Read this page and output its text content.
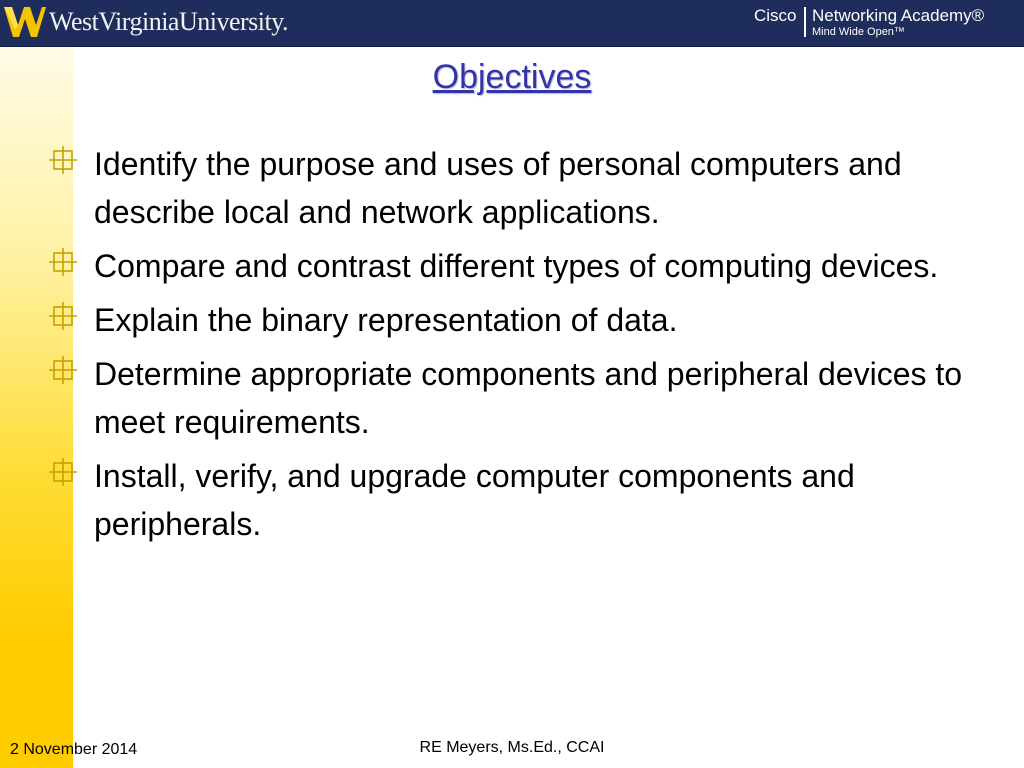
WestVirginiaUniversity.	Cisco Networking Academy®
Mind Wide Open™
Objectives
Identify the purpose and uses of personal computers and describe local and network applications.
Compare and contrast different types of computing devices.
Explain the binary representation of data.
Determine appropriate components and peripheral devices to meet requirements.
Install, verify, and upgrade computer components and peripherals.
2 November 2014	RE Meyers, Ms.Ed., CCAI
